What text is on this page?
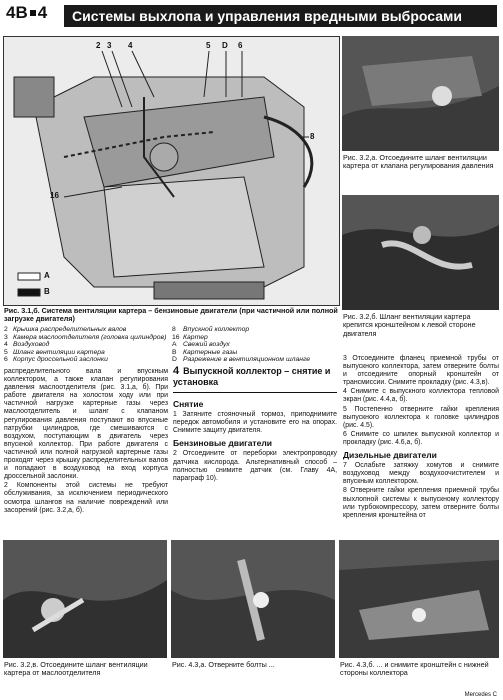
4B 4	Системы выхлопа и управления вредными выбросами
2 3 4	5 D 6
8
16
A
B
Рис. 3.1,б. Система вентиляции картера – бензиновые двигатели (при частичной или полной загрузке двигателя)
2 Крышка распределительных валов
3 Камера маслоотделителя (головка цилиндров)
4 Воздуховод
5 Шланг вентиляции картера
6 Корпус дроссельной заслонки
8	Впускной коллектор
16 Картер
A Свежий воздух
B Картерные газы
D Разрежение в вентиляционном шланге
Рис. 3.2,а. Отсоедините шланг вентиляции картера от клапана регулирования давления
Рис. 3.2,б. Шланг вентиляции картера крепится кронштейном к левой стороне двигателя

3 Отсоедините фланец приемной трубы от выпускного коллектора, затем отверните болты и отсоедините опорный кронштейн от трансмиссии. Снимите прокладку (рис. 4.3,в).

4 Снимите с выпускного коллектора тепловой экран (рис. 4.4,а, б).

5 Постепенно отверните гайки крепления выпускного коллектора к головке цилиндров (рис. 4.5).

6 Снимите со шпилек выпускной коллектор и прокладку (рис. 4.6,а, б).

Дизельные двигатели

7 Ослабьте затяжку хомутов и снимите воздуховод между воздухоочистителем и впускным коллектором.

8 Отверните гайки крепления приемной трубы выхлопной системы к выпускному коллектору или турбокомпрессору, затем отверните болты крепления кронштейна от

распределительного вала и впускным коллектором, а также клапан регулирования давления маслоотделителя (рис. 3.1,а, б). При работе двигателя на холостом ходу или при частичной нагрузке картерные газы через маслоотделитель и шланг с клапаном регулирования давления поступают во впускные патрубки цилиндров, где смешиваются с воздухом, поступающим в двигатель через впускной коллектор. При работе двигателя с частичной или полной нагрузкой картерные газы проходят через крышку распределительных валов и попадают в воздуховод на вход корпуса дроссельной заслонки.

2 Компоненты этой системы не требуют обслуживания, за исключением периодического осмотра шлангов на наличие повреждений или засорений (рис. 3.2,а, б).

4 Выпускной коллектор – снятие и установка
Снятие

1 Затяните стояночный тормоз, приподнимите передок автомобиля и установите его на опорах. Снимите защиту двигателя.

Бензиновые двигатели

2 Отсоедините от переборки электропроводку датчика кислорода. Альтернативный способ – полностью снимите датчик (см. Главу 4А, параграф 10).

Рис. 3.2,в. Отсоедините шланг вентиляции картера от маслоотделителя
Рис. 4.3,а. Отверните болты ...	Рис. 4.3,б. ... и снимите кронштейн с нижней стороны коллектора
Mercedes C
